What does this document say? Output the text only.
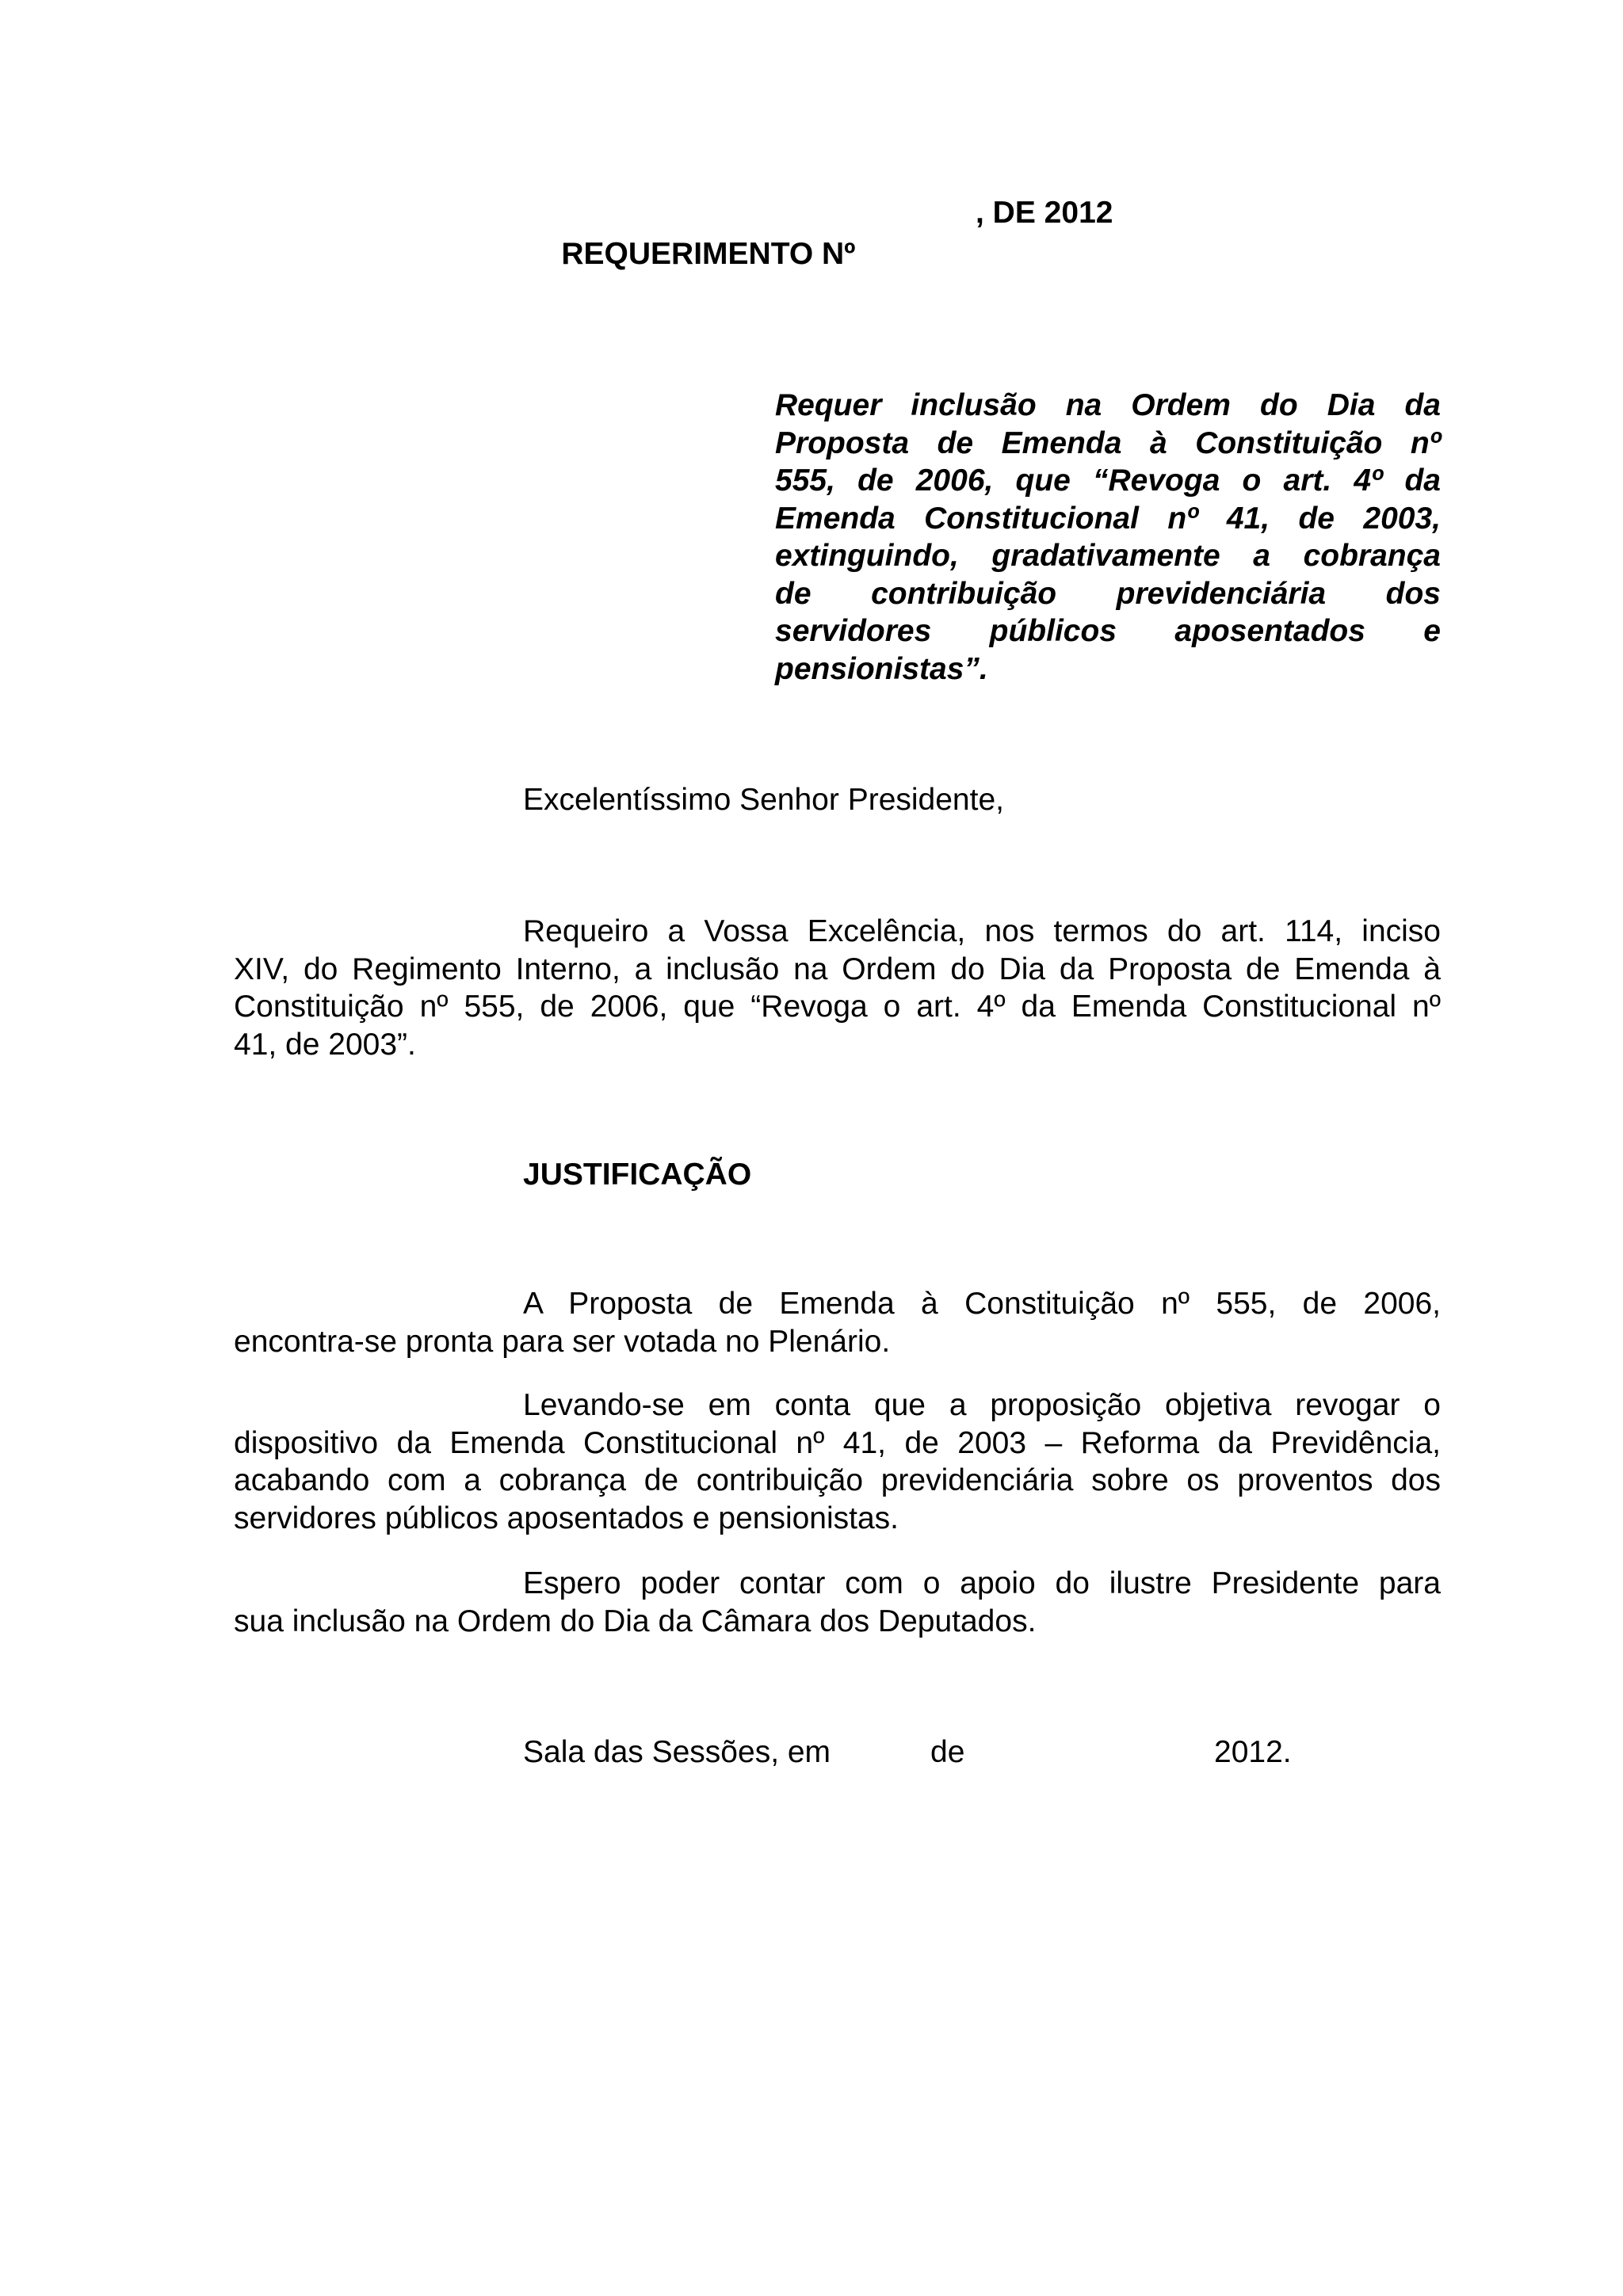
REQUERIMENTO Nº

, DE 2012

Requer inclusão na Ordem do Dia da
Proposta de Emenda à Constituição nº
555, de 2006, que “Revoga o art. 4º da
Emenda Constitucional nº 41, de 2003,
extinguindo, gradativamente a cobrança
de contribuição previdenciária dos
servidores públicos aposentados e
pensionistas”.
Excelentíssimo Senhor Presidente,
Requeiro a Vossa Excelência, nos termos do art. 114, inciso
XIV, do Regimento Interno, a inclusão na Ordem do Dia da Proposta de Emenda à
Constituição nº 555, de 2006, que “Revoga o art. 4º da Emenda Constitucional nº
41, de 2003”.
JUSTIFICAÇÃO
A Proposta de Emenda à Constituição nº 555, de 2006,
encontra-se pronta para ser votada no Plenário.
Levando-se em conta que a proposição objetiva revogar o
dispositivo da Emenda Constitucional nº 41, de 2003 – Reforma da Previdência,
acabando com a cobrança de contribuição previdenciária sobre os proventos dos
servidores públicos aposentados e pensionistas.
Espero poder contar com o apoio do ilustre Presidente para
sua inclusão na Ordem do Dia da Câmara dos Deputados.
Sala das Sessões, em	de	2012.
